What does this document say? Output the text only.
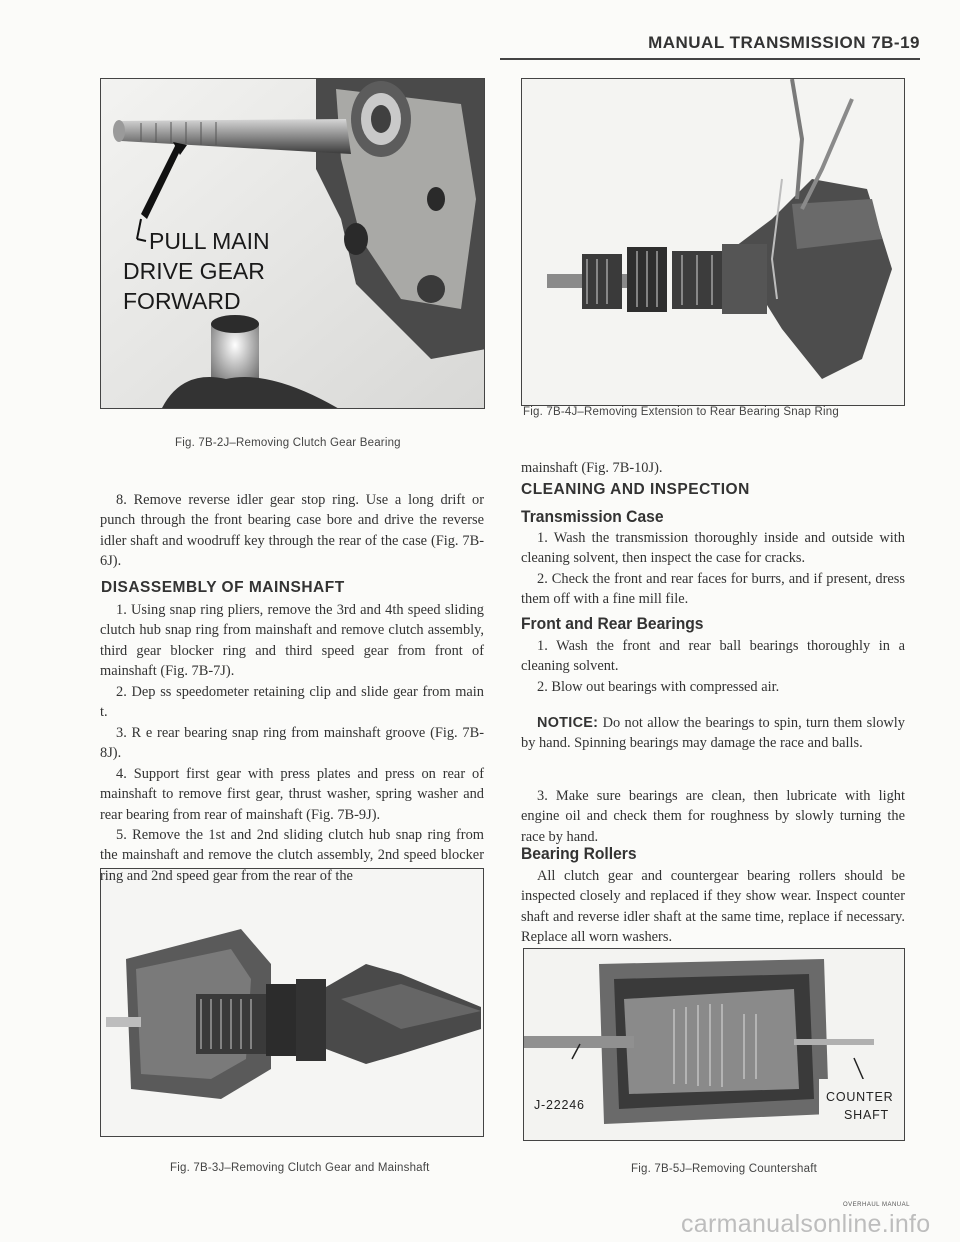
MANUAL TRANSMISSION 7B-19
PULL MAIN
DRIVE GEAR
FORWARD
Fig. 7B-2J–Removing Clutch Gear Bearing
Fig. 7B-4J–Removing Extension to Rear Bearing Snap Ring
Fig. 7B-3J–Removing Clutch Gear and Mainshaft
J-22246
COUNTER
SHAFT
Fig. 7B-5J–Removing Countershaft

8. Remove reverse idler gear stop ring. Use a long drift or punch through the front bearing case bore and drive the reverse idler shaft and woodruff key through the rear of the case (Fig. 7B-6J).

DISASSEMBLY OF MAINSHAFT

1. Using snap ring pliers, remove the 3rd and 4th speed sliding clutch hub snap ring from mainshaft and remove clutch assembly, third gear blocker ring and third speed gear from front of mainshaft (Fig. 7B-7J).

2. Dep ss speedometer retaining clip and slide gear from main t.

3. R e rear bearing snap ring from mainshaft groove (Fig. 7B-8J).

4. Support first gear with press plates and press on rear of mainshaft to remove first gear, thrust washer, spring washer and rear bearing from rear of mainshaft (Fig. 7B-9J).

5. Remove the 1st and 2nd sliding clutch hub snap ring from the mainshaft and remove the clutch assembly, 2nd speed blocker ring and 2nd speed gear from the rear of the

mainshaft (Fig. 7B-10J).

CLEANING AND INSPECTION
Transmission Case

1. Wash the transmission thoroughly inside and outside with cleaning solvent, then inspect the case for cracks.

2. Check the front and rear faces for burrs, and if present, dress them off with a fine mill file.

Front and Rear Bearings

1. Wash the front and rear ball bearings thoroughly in a cleaning solvent.

2. Blow out bearings with compressed air.

NOTICE: Do not allow the bearings to spin, turn them slowly by hand. Spinning bearings may damage the race and balls.

3. Make sure bearings are clean, then lubricate with light engine oil and check them for roughness by slowly turning the race by hand.

Bearing Rollers

All clutch gear and countergear bearing rollers should be inspected closely and replaced if they show wear. Inspect counter shaft and reverse idler shaft at the same time, replace if necessary. Replace all worn washers.

OVERHAUL MANUAL
carmanualsonline.info
